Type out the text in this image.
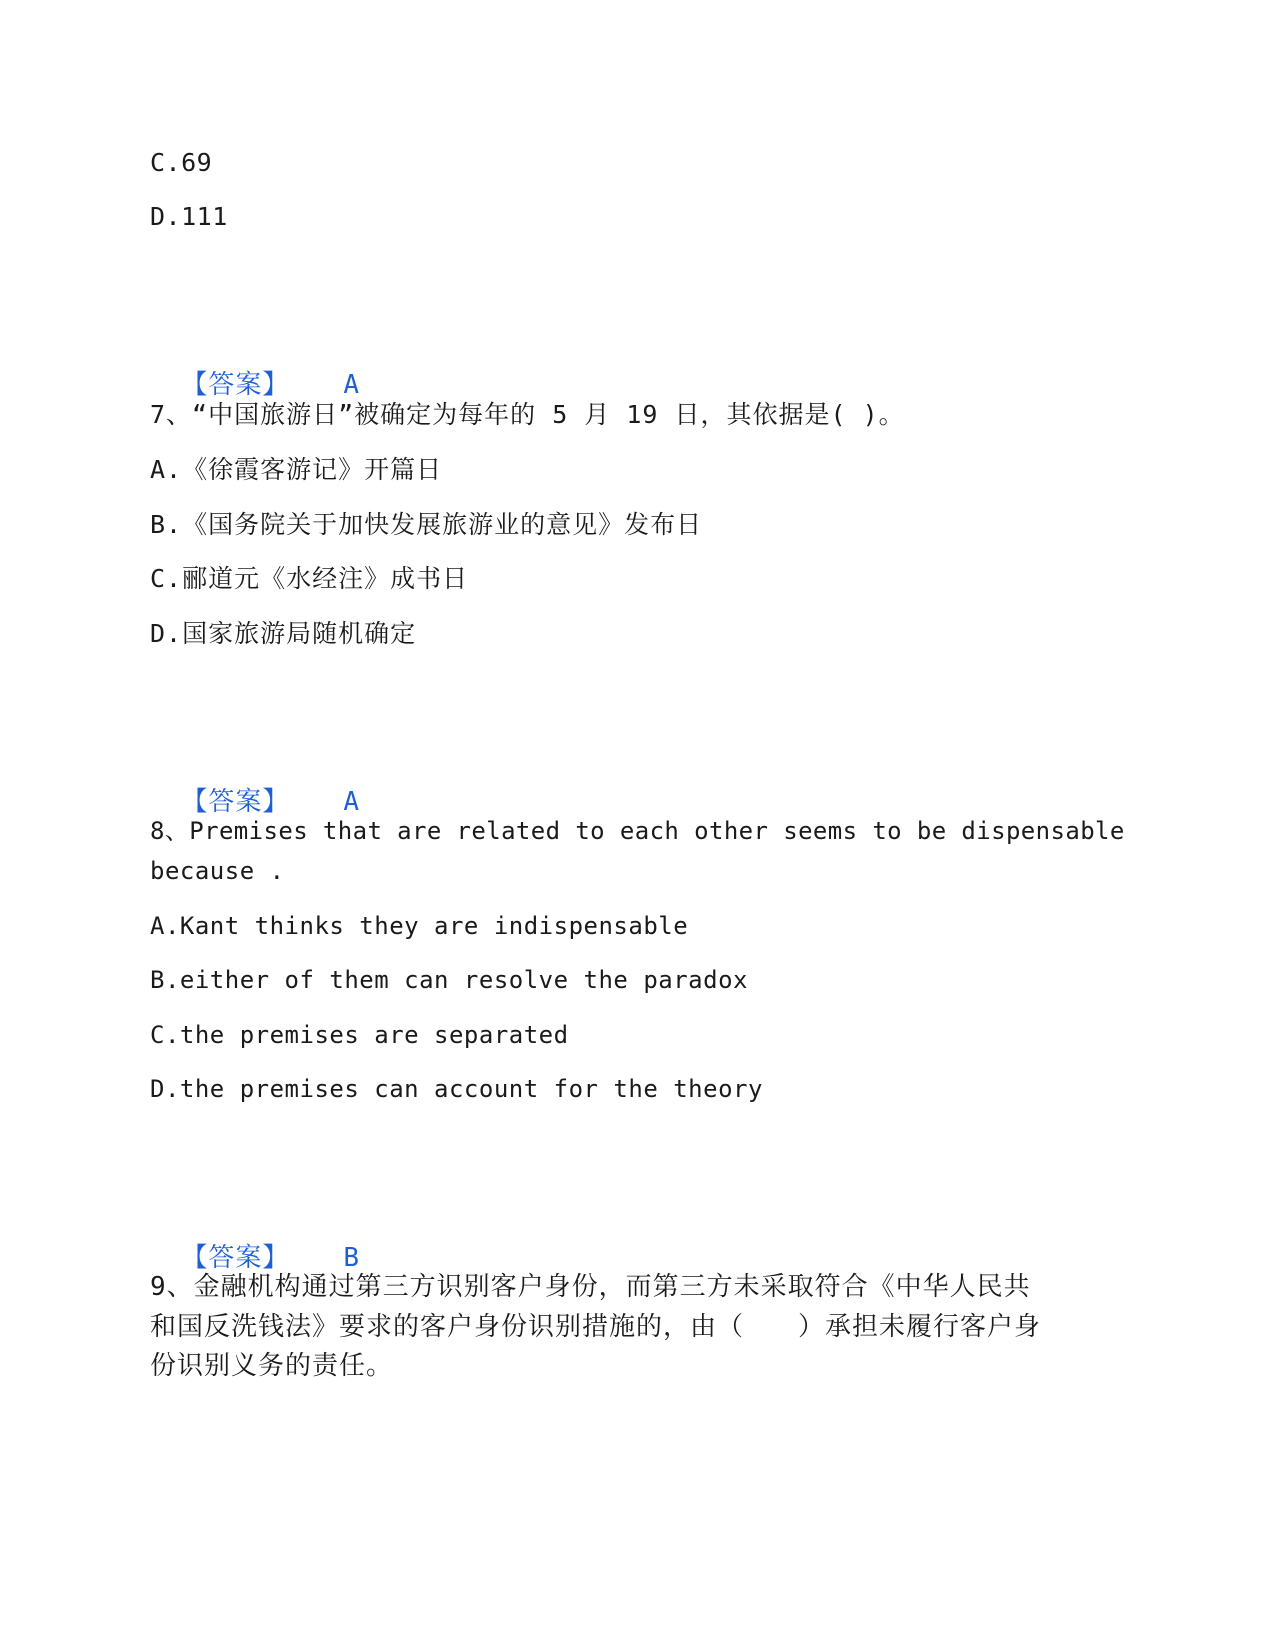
C.69
D.111

【答案】 A

7、“中国旅游日”被确定为每年的 5 月 19 日，其依据是( )。
A.《徐霞客游记》开篇日
B.《国务院关于加快发展旅游业的意见》发布日
C.郦道元《水经注》成书日
D.国家旅游局随机确定

【答案】 A

8、Premises that are related to each other seems to be dispensable
because .
A.Kant thinks they are indispensable
B.either of them can resolve the paradox
C.the premises are separated
D.the premises can account for the theory

【答案】 B

9、金融机构通过第三方识别客户身份，而第三方未采取符合《中华人民共
和国反洗钱法》要求的客户身份识别措施的，由（　　）承担未履行客户身
份识别义务的责任。
